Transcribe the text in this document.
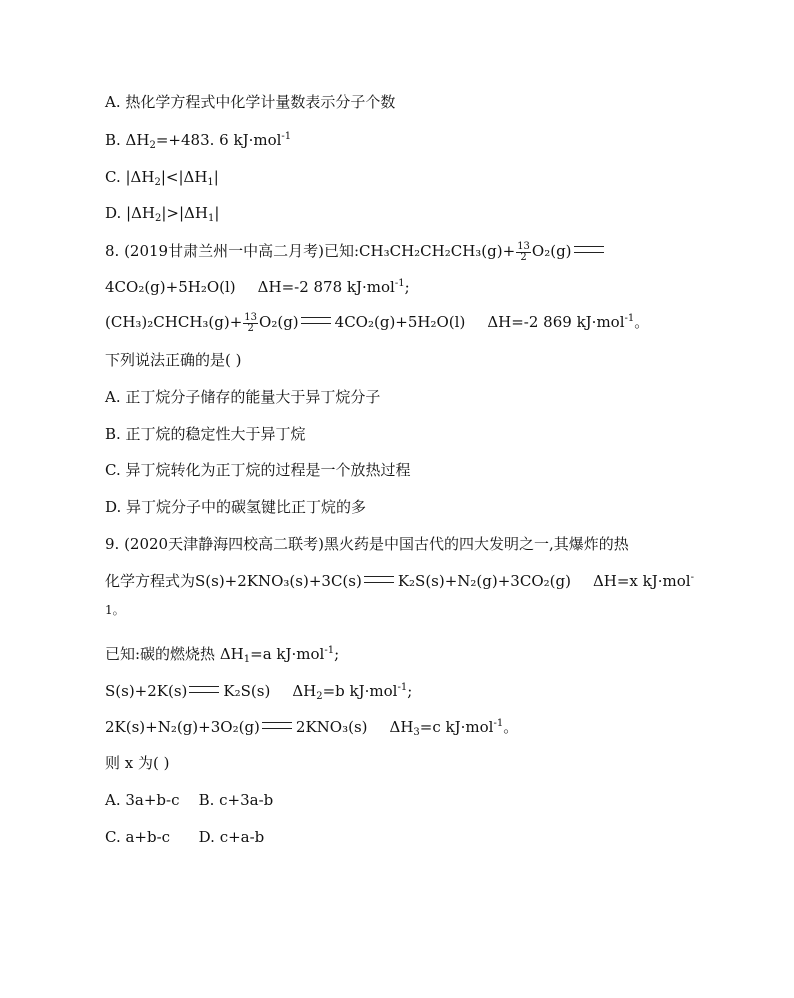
A. 热化学方程式中化学计量数表示分子个数
B. $\Delta H_2=+483$. 6 kJ·mol$^{-1}$
C. $|\Delta H_2|<|\Delta H_1|$
D. $|\Delta H_2|>|\Delta H_1|$
8. (2019甘肃兰州一中高二月考)已知:CH₃CH₂CH₂CH₃(g)+ $\frac{13}{2} O_2(g)$
4CO₂(g)+5H₂O(l) ΔH=-2 878 kJ·mol$^{-1}$;
(CH₃)₂CHCH₃(g)+ $\frac{13}{2} O_2(g)$ 4CO₂(g)+5H₂O(l) ΔH=-2 869 kJ·mol$^{-1}$。
下列说法正确的是( )
A. 正丁烷分子储存的能量大于异丁烷分子
B. 正丁烷的稳定性大于异丁烷
C. 异丁烷转化为正丁烷的过程是一个放热过程
D. 异丁烷分子中的碳氢键比正丁烷的多
9. (2020天津静海四校高二联考)黑火药是中国古代的四大发明之一,其爆炸的热
化学方程式为S(s)+2KNO₃(s)+3C(s) K₂S(s)+N₂(g)+3CO₂(g) ΔH=x kJ·mol-
1。
已知:碳的燃烧热 $\Delta H_1=a$ kJ·mol$^{-1}$;
S(s)+2K(s) K₂S(s) $\Delta H_2=b$ kJ·mol$^{-1}$;
2K(s)+N₂(g)+3O₂(g) 2KNO₃(s) $\Delta H_3=c$ kJ·mol$^{-1}$。
则 x 为( )
A. 3a+b-c    B. c+3a-b
C. a+b-c      D. c+a-b
